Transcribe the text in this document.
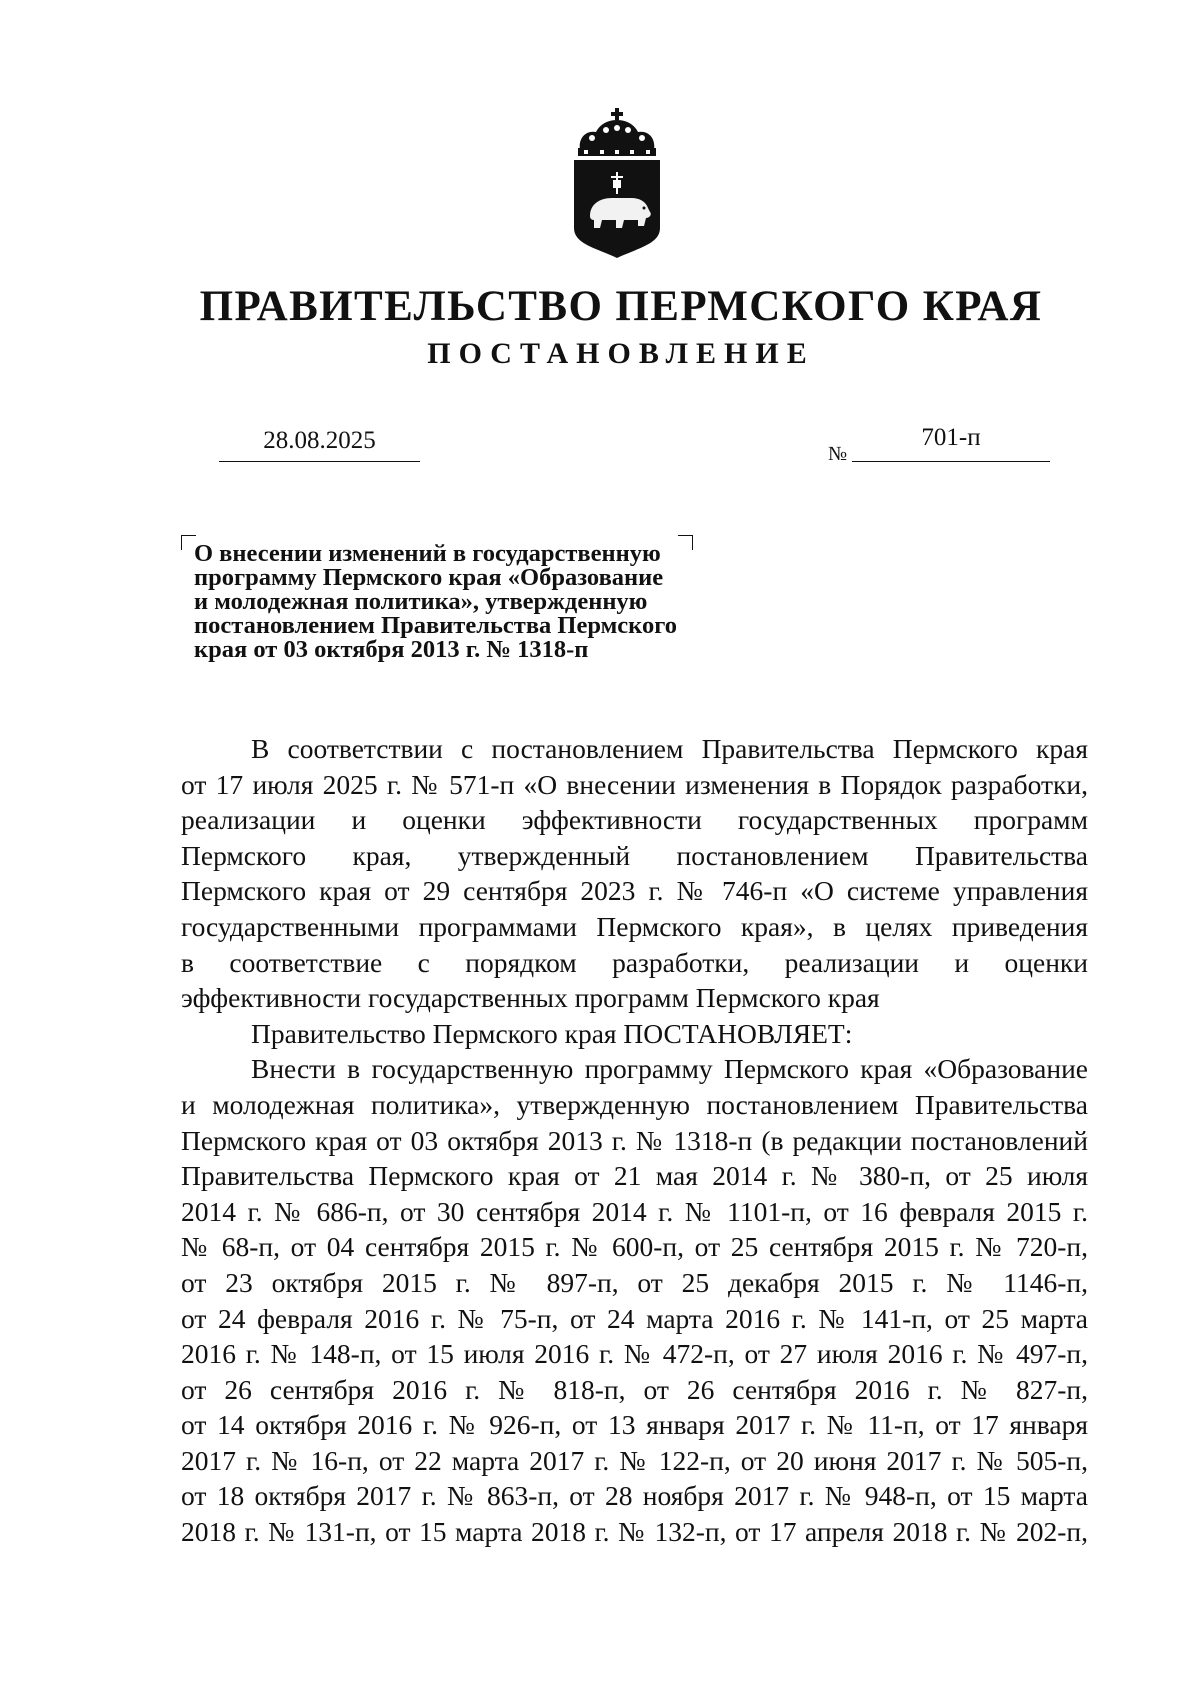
ПРАВИТЕЛЬСТВО ПЕРМСКОГО КРАЯ
ПОСТАНОВЛЕНИЕ
28.08.2025	№
701-п
О внесении изменений в государственную
программу Пермского края «Образование
и молодежная политика», утвержденную
постановлением Правительства Пермского
края от 03 октября 2013 г. № 1318-п
В соответствии с постановлением Правительства Пермского края
от 17 июля 2025 г. № 571-п «О внесении изменения в Порядок разработки,
реализации и оценки эффективности государственных программ
Пермского края, утвержденный постановлением Правительства
Пермского края от 29 сентября 2023 г. № 746-п «О системе управления
государственными программами Пермского края», в целях приведения
в соответствие с порядком разработки, реализации и оценки
эффективности государственных программ Пермского края
Правительство Пермского края ПОСТАНОВЛЯЕТ:
Внести в государственную программу Пермского края «Образование
и молодежная политика», утвержденную постановлением Правительства
Пермского края от 03 октября 2013 г. № 1318-п (в редакции постановлений
Правительства Пермского края от 21 мая 2014 г. № 380-п, от 25 июля
2014 г. № 686-п, от 30 сентября 2014 г. № 1101-п, от 16 февраля 2015 г.
№ 68-п, от 04 сентября 2015 г. № 600-п, от 25 сентября 2015 г. № 720-п,
от 23 октября 2015 г. № 897-п, от 25 декабря 2015 г. № 1146-п,
от 24 февраля 2016 г. № 75-п, от 24 марта 2016 г. № 141-п, от 25 марта
2016 г. № 148-п, от 15 июля 2016 г. № 472-п, от 27 июля 2016 г. № 497-п,
от 26 сентября 2016 г. № 818-п, от 26 сентября 2016 г. № 827-п,
от 14 октября 2016 г. № 926-п, от 13 января 2017 г. № 11-п, от 17 января
2017 г. № 16-п, от 22 марта 2017 г. № 122-п, от 20 июня 2017 г. № 505-п,
от 18 октября 2017 г. № 863-п, от 28 ноября 2017 г. № 948-п, от 15 марта
2018 г. № 131-п, от 15 марта 2018 г. № 132-п, от 17 апреля 2018 г. № 202-п,
